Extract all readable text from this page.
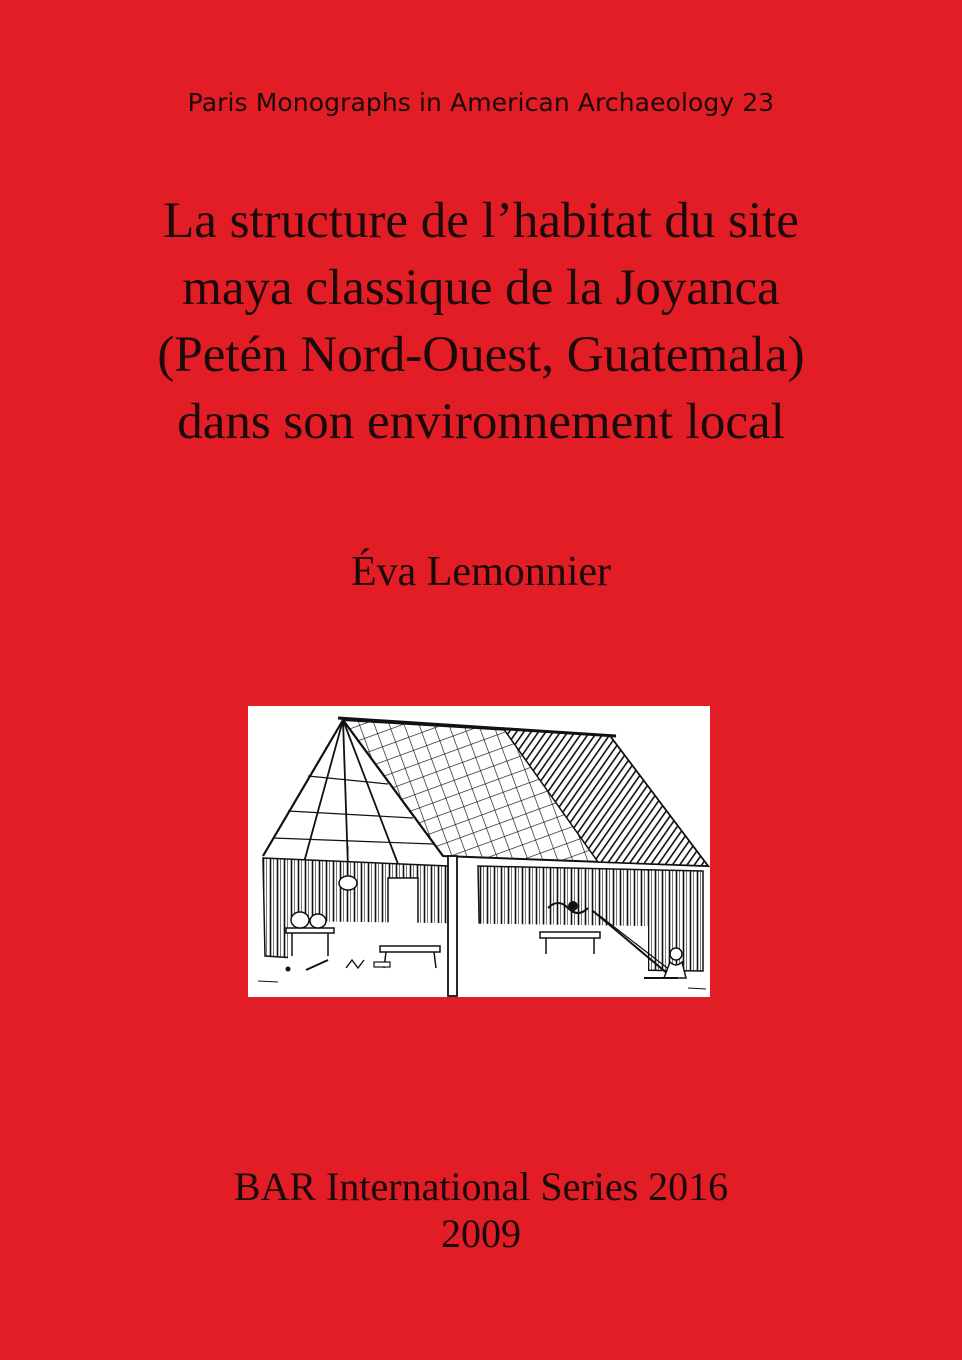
Paris Monographs in American Archaeology 23
La structure de l’habitat du site
maya classique de la Joyanca
(Petén Nord-Ouest, Guatemala)
dans son environnement local
Éva Lemonnier
BAR International Series 2016
2009
